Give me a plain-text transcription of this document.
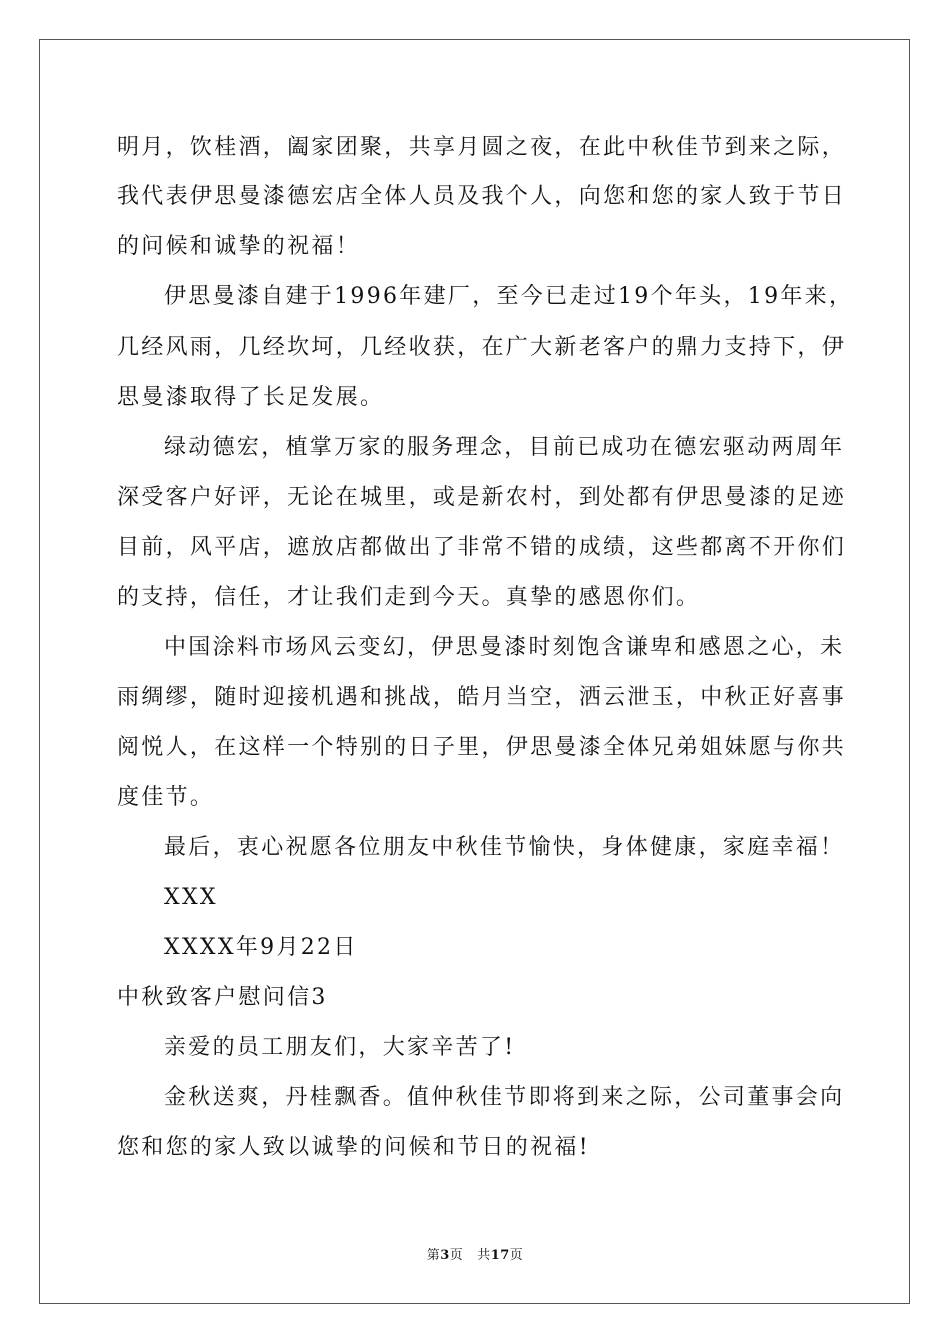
明月，饮桂酒，阖家团聚，共享月圆之夜，在此中秋佳节到来之际，
我代表伊思曼漆德宏店全体人员及我个人，向您和您的家人致于节日
的问候和诚挚的祝福！
伊思曼漆自建于1996年建厂，至今已走过19个年头，19年来，
几经风雨，几经坎坷，几经收获，在广大新老客户的鼎力支持下，伊
思曼漆取得了长足发展。
绿动德宏，植掌万家的服务理念，目前已成功在德宏驱动两周年
深受客户好评，无论在城里，或是新农村，到处都有伊思曼漆的足迹
目前，风平店，遮放店都做出了非常不错的成绩，这些都离不开你们
的支持，信任，才让我们走到今天。真挚的感恩你们。
中国涂料市场风云变幻，伊思曼漆时刻饱含谦卑和感恩之心，未
雨绸缪，随时迎接机遇和挑战，皓月当空，洒云泄玉，中秋正好喜事
阅悦人，在这样一个特别的日子里，伊思曼漆全体兄弟姐妹愿与你共
度佳节。
最后，衷心祝愿各位朋友中秋佳节愉快，身体健康，家庭幸福！
XXX
XXXX年9月22日
中秋致客户慰问信3
亲爱的员工朋友们，大家辛苦了!
金秋送爽，丹桂飘香。值仲秋佳节即将到来之际，公司董事会向
您和您的家人致以诚挚的问候和节日的祝福!
第3页 共17页
